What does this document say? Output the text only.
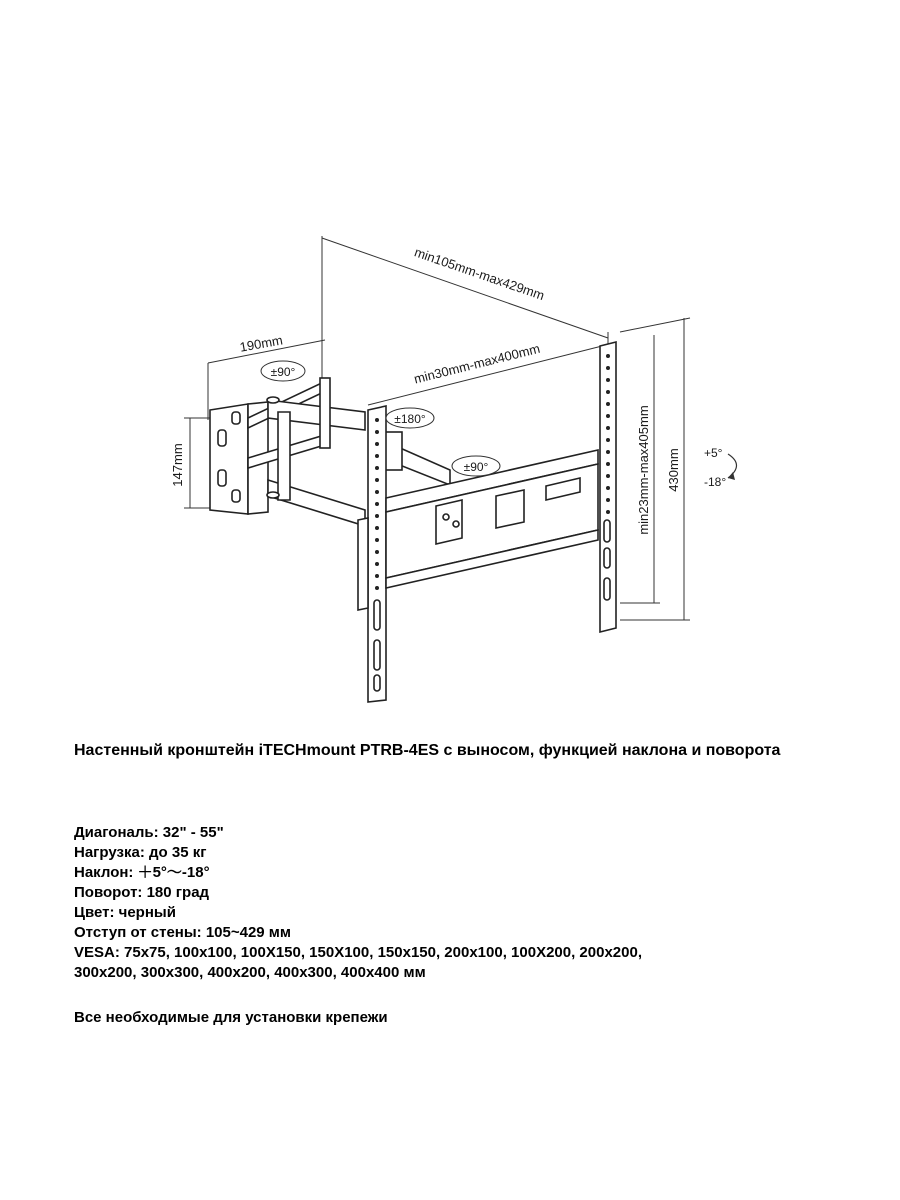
min105mm-max429mm
190mm	min30mm-max400mm
147mm	min23mm-max405mm 430mm
±90°
±180°
±90°
+5°
-18°
Настенный кронштейн iTECHmount PTRB-4ES с выносом, функцией наклона и поворота
Диагональ: 32" - 55"
Нагрузка: до 35 кг
Наклон: ＋5°～-18°
Поворот: 180 град
Цвет: черный
Отступ от стены: 105~429 мм
VESA: 75x75, 100x100, 100X150, 150X100, 150x150, 200x100, 100X200, 200x200,
300x200, 300x300, 400x200, 400x300, 400x400 мм
Все необходимые для установки крепежи
